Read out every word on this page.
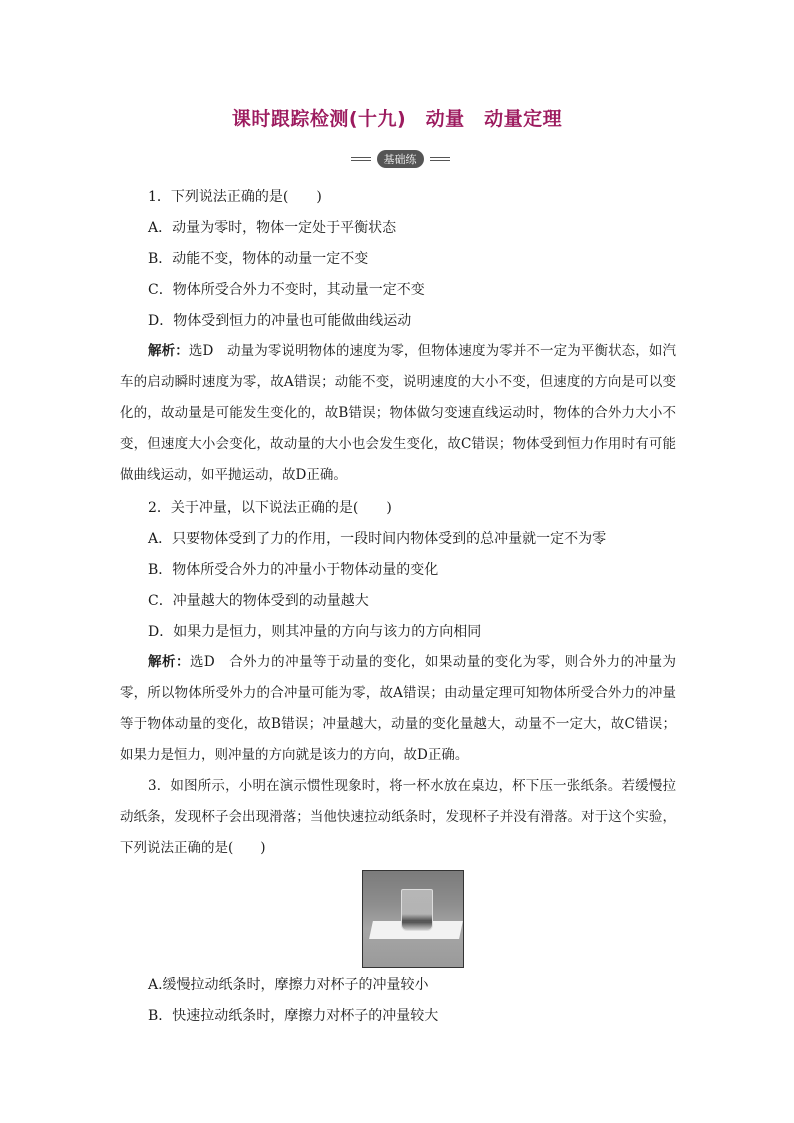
课时跟踪检测(十九)　动量　动量定理
基础练
1．下列说法正确的是(　　)
A．动量为零时，物体一定处于平衡状态
B．动能不变，物体的动量一定不变
C．物体所受合外力不变时，其动量一定不变
D．物体受到恒力的冲量也可能做曲线运动
解析：选D　动量为零说明物体的速度为零，但物体速度为零并不一定为平衡状态，如汽车的启动瞬时速度为零，故A错误；动能不变，说明速度的大小不变，但速度的方向是可以变化的，故动量是可能发生变化的，故B错误；物体做匀变速直线运动时，物体的合外力大小不变，但速度大小会变化，故动量的大小也会发生变化，故C错误；物体受到恒力作用时有可能做曲线运动，如平抛运动，故D正确。
2．关于冲量，以下说法正确的是(　　)
A．只要物体受到了力的作用，一段时间内物体受到的总冲量就一定不为零
B．物体所受合外力的冲量小于物体动量的变化
C．冲量越大的物体受到的动量越大
D．如果力是恒力，则其冲量的方向与该力的方向相同
解析：选D　合外力的冲量等于动量的变化，如果动量的变化为零，则合外力的冲量为零，所以物体所受外力的合冲量可能为零，故A错误；由动量定理可知物体所受合外力的冲量等于物体动量的变化，故B错误；冲量越大，动量的变化量越大，动量不一定大，故C错误；如果力是恒力，则冲量的方向就是该力的方向，故D正确。
3．如图所示，小明在演示惯性现象时，将一杯水放在桌边，杯下压一张纸条。若缓慢拉动纸条，发现杯子会出现滑落；当他快速拉动纸条时，发现杯子并没有滑落。对于这个实验，下列说法正确的是(　　)
A.缓慢拉动纸条时，摩擦力对杯子的冲量较小
B．快速拉动纸条时，摩擦力对杯子的冲量较大
